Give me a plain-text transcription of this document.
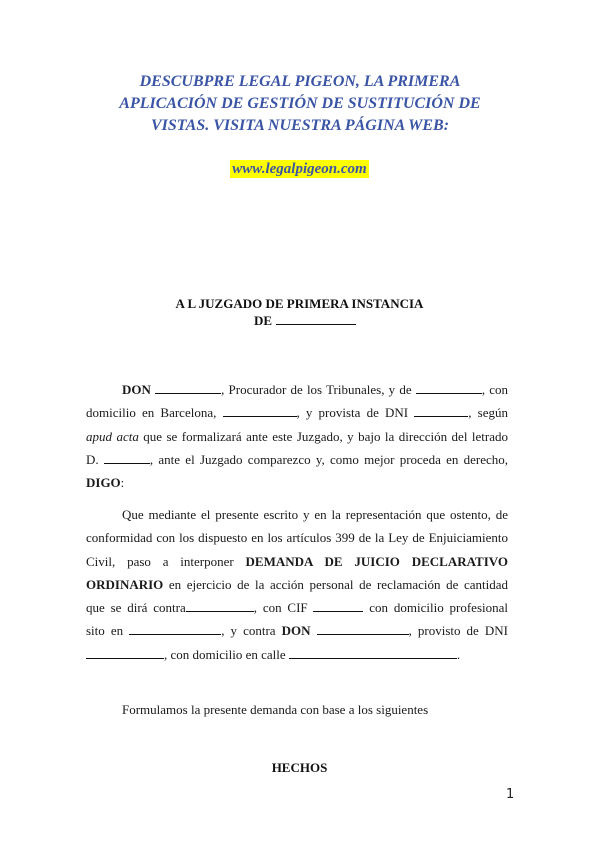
DESCUBPRE LEGAL PIGEON, LA PRIMERA
APLICACIÓN DE GESTIÓN DE SUSTITUCIÓN DE
VISTAS. VISITA NUESTRA PÁGINA WEB:
www.legalpigeon.com
A L JUZGADO DE PRIMERA INSTANCIA
DE
DON	, Procurador de los Tribunales, y de	, con
domicilio en Barcelona,	, y provista de DNI	, según
apud acta que se formalizará ante este Juzgado, y bajo la dirección del letrado
D.	, ante el Juzgado comparezco y, como mejor proceda en derecho,
DIGO:
Que mediante el presente escrito y en la representación que ostento, de
conformidad con los dispuesto en los artículos 399 de la Ley de Enjuiciamiento
Civil, paso a interponer DEMANDA DE JUICIO DECLARATIVO
ORDINARIO en ejercicio de la acción personal de reclamación de cantidad
que se dirá contra	, con CIF	con domicilio profesional
sito en	, y contra DON	, provisto de DNI
, con domicilio en calle	.
Formulamos la presente demanda con base a los siguientes
HECHOS
1
